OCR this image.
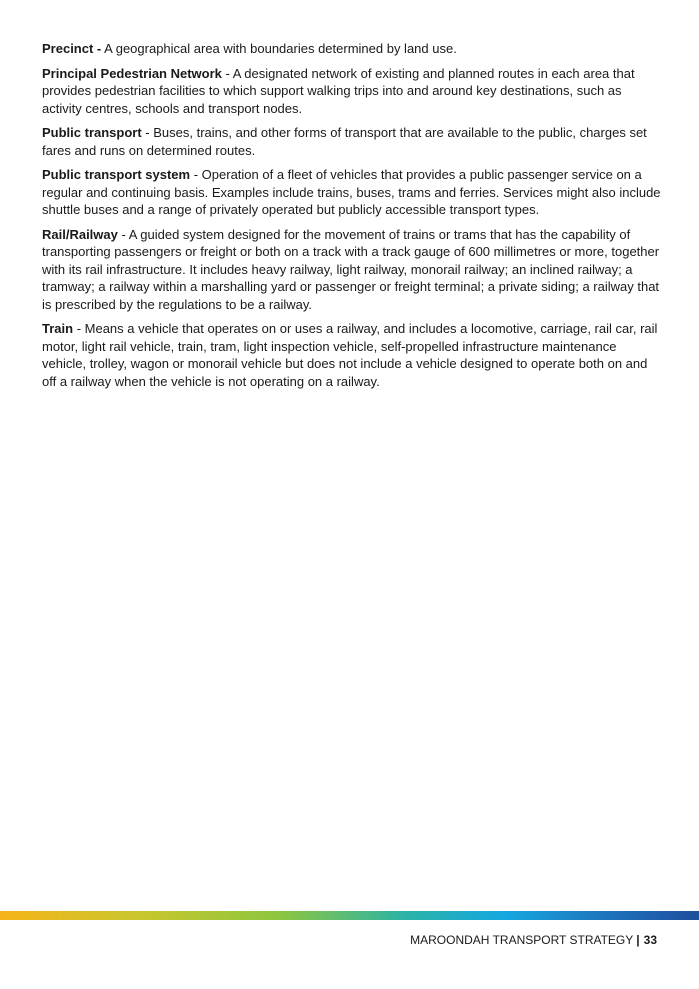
Precinct - A geographical area with boundaries determined by land use.

Principal Pedestrian Network - A designated network of existing and planned routes in each area that provides pedestrian facilities to which support walking trips into and around key destinations, such as activity centres, schools and transport nodes.

Public transport - Buses, trains, and other forms of transport that are available to the public, charges set fares and runs on determined routes.

Public transport system - Operation of a fleet of vehicles that provides a public passenger service on a regular and continuing basis. Examples include trains, buses, trams and ferries. Services might also include shuttle buses and a range of privately operated but publicly accessible transport types.

Rail/Railway - A guided system designed for the movement of trains or trams that has the capability of transporting passengers or freight or both on a track with a track gauge of 600 millimetres or more, together with its rail infrastructure. It includes heavy railway, light railway, monorail railway; an inclined railway; a tramway; a railway within a marshalling yard or passenger or freight terminal; a private siding; a railway that is prescribed by the regulations to be a railway.

Train - Means a vehicle that operates on or uses a railway, and includes a locomotive, carriage, rail car, rail motor, light rail vehicle, train, tram, light inspection vehicle, self-propelled infrastructure maintenance vehicle, trolley, wagon or monorail vehicle but does not include a vehicle designed to operate both on and off a railway when the vehicle is not operating on a railway.

MAROONDAH TRANSPORT STRATEGY | 33
